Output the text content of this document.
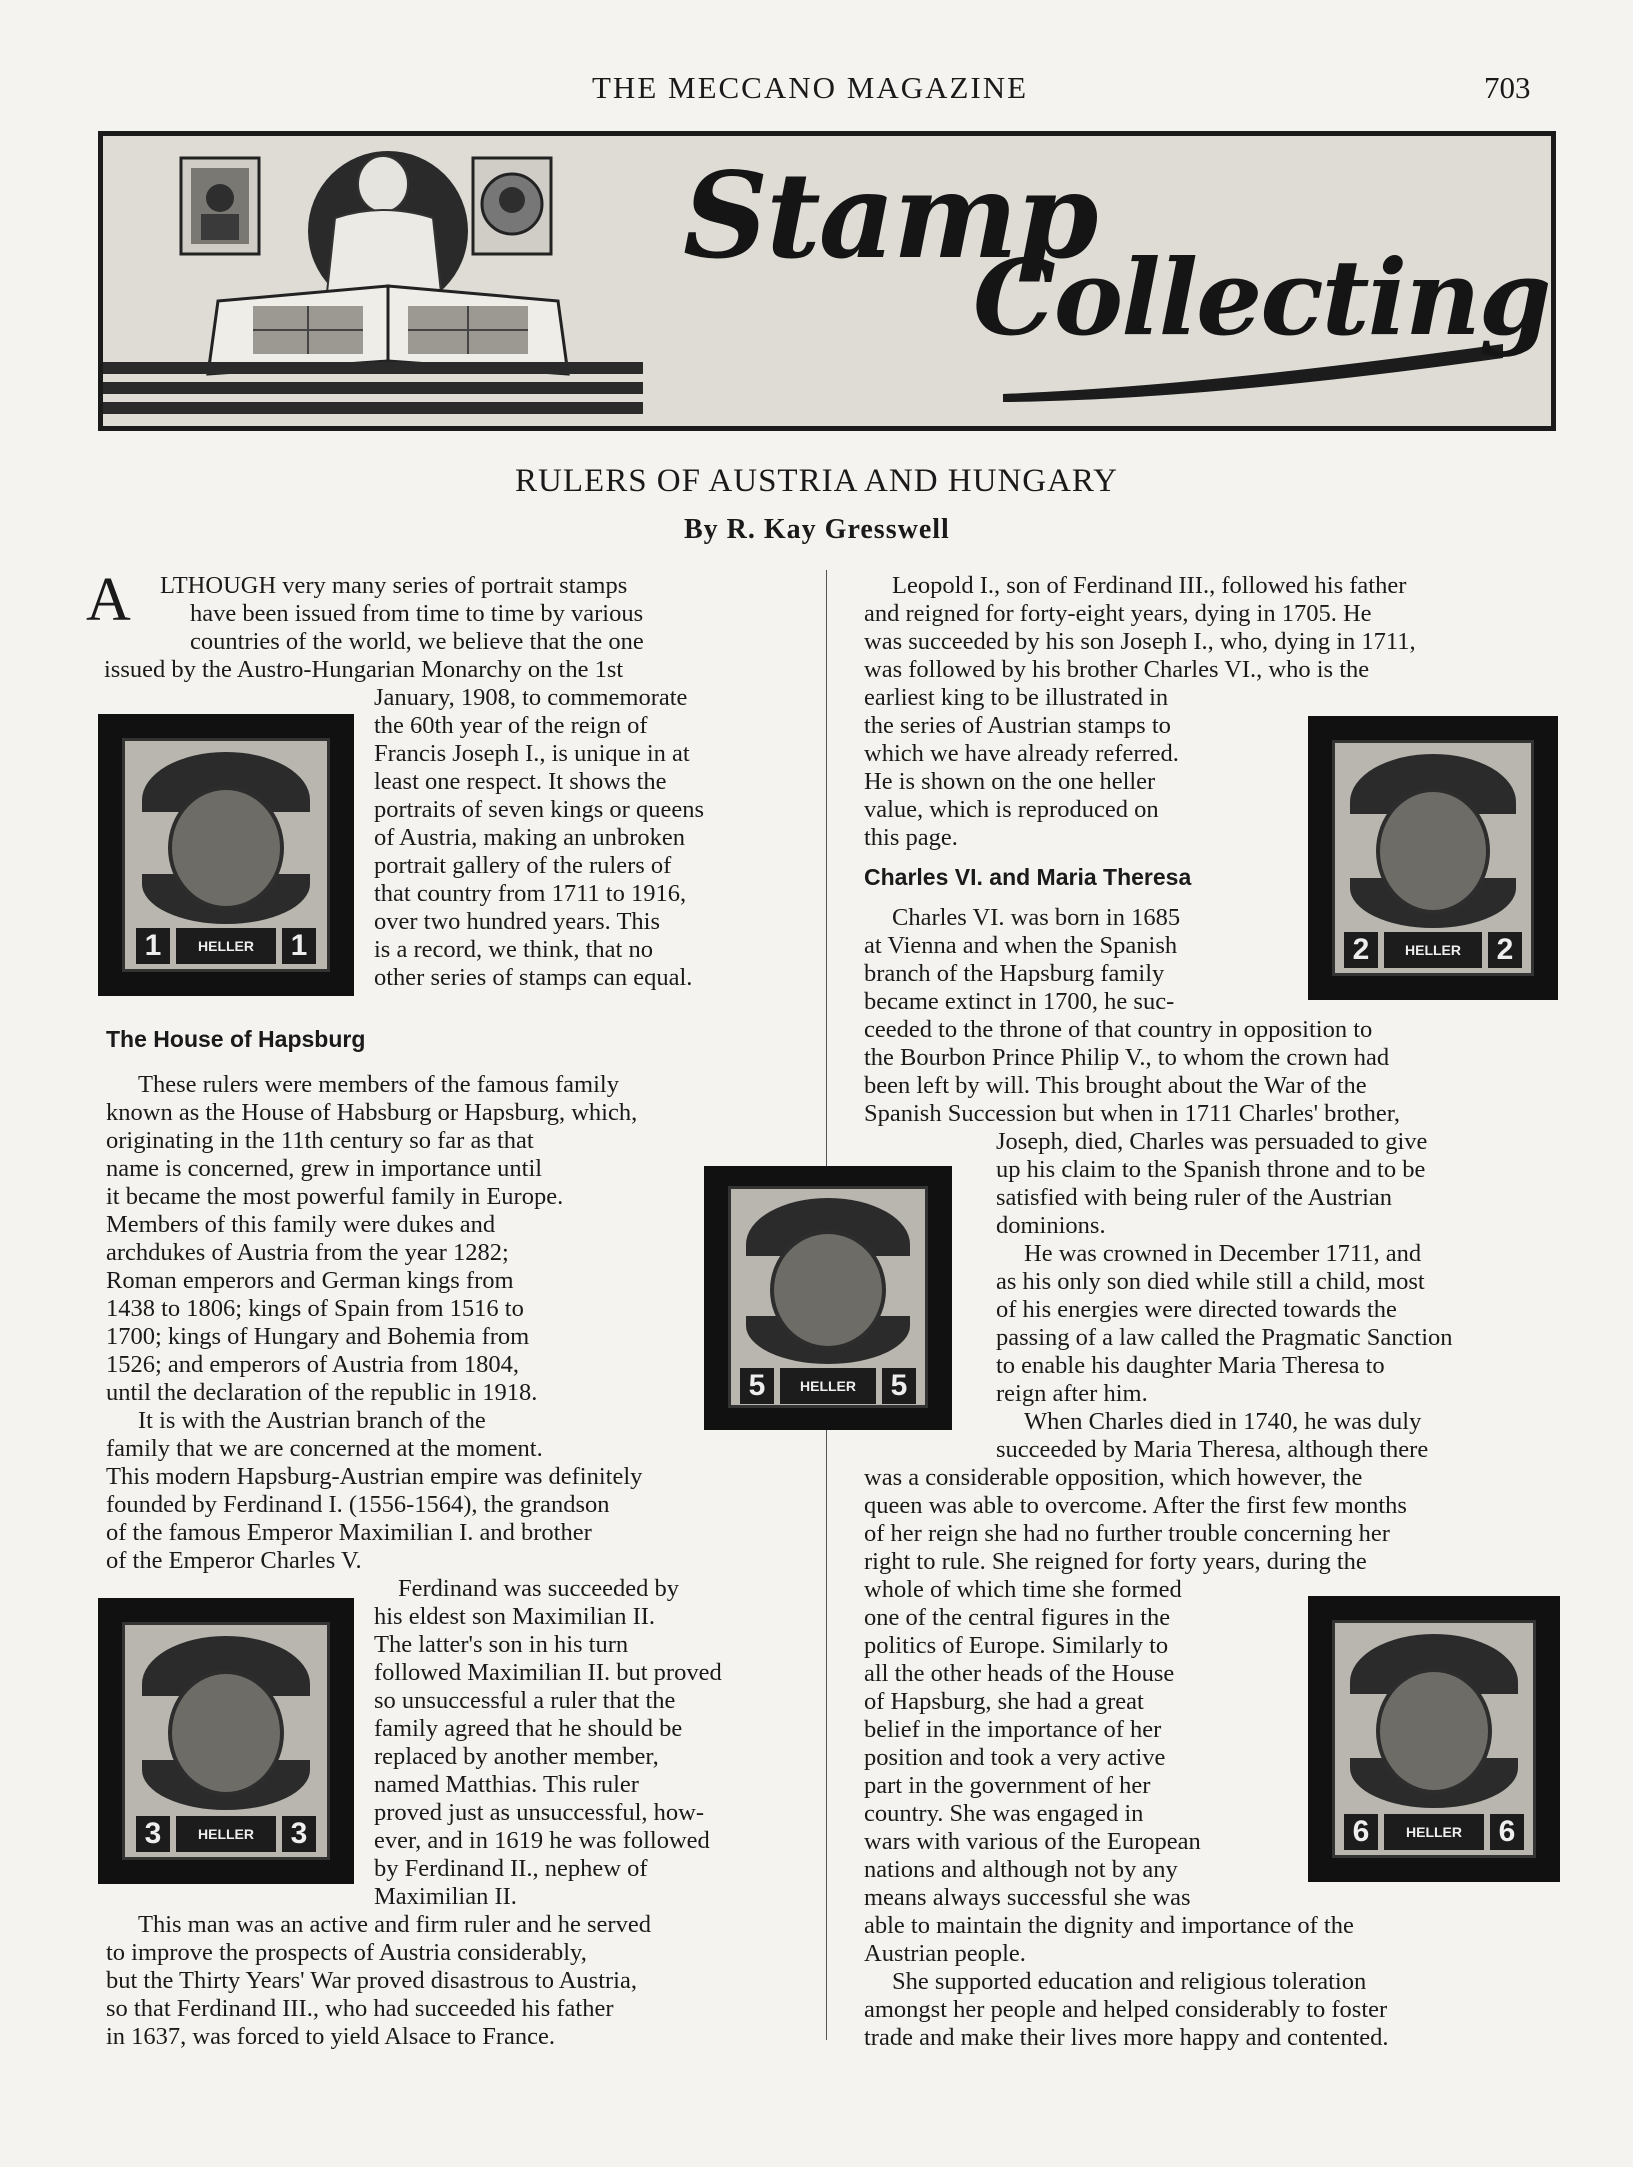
THE MECCANO MAGAZINE	703
Stamp
Collecting
RULERS OF AUSTRIA AND HUNGARY
By R. Kay Gresswell
A LTHOUGH very many series of portrait stamps
have been issued from time to time by various
countries of the world, we believe that the one
issued by the Austro-Hungarian Monarchy on the 1st
January, 1908, to commemorate
the 60th year of the reign of
Francis Joseph I., is unique in at
least one respect. It shows the
portraits of seven kings or queens
of Austria, making an unbroken
portrait gallery of the rulers of
that country from 1711 to 1916,
over two hundred years. This
is a record, we think, that no
other series of stamps can equal.
The House of Hapsburg
These rulers were members of the famous family
known as the House of Habsburg or Hapsburg, which,
originating in the 11th century so far as that
name is concerned, grew in importance until
it became the most powerful family in Europe.
Members of this family were dukes and
archdukes of Austria from the year 1282;
Roman emperors and German kings from
1438 to 1806; kings of Spain from 1516 to
1700; kings of Hungary and Bohemia from
1526; and emperors of Austria from 1804,
until the declaration of the republic in 1918.
It is with the Austrian branch of the
family that we are concerned at the moment.
This modern Hapsburg-Austrian empire was definitely
founded by Ferdinand I. (1556-1564), the grandson
of the famous Emperor Maximilian I. and brother
of the Emperor Charles V.
Ferdinand was succeeded by
his eldest son Maximilian II.
The latter's son in his turn
followed Maximilian II. but proved
so unsuccessful a ruler that the
family agreed that he should be
replaced by another member,
named Matthias. This ruler
proved just as unsuccessful, how-
ever, and in 1619 he was followed
by Ferdinand II., nephew of
Maximilian II.
This man was an active and firm ruler and he served
to improve the prospects of Austria considerably,
but the Thirty Years' War proved disastrous to Austria,
so that Ferdinand III., who had succeeded his father
in 1637, was forced to yield Alsace to France.
Leopold I., son of Ferdinand III., followed his father
and reigned for forty-eight years, dying in 1705. He
was succeeded by his son Joseph I., who, dying in 1711,
was followed by his brother Charles VI., who is the
earliest king to be illustrated in
the series of Austrian stamps to
which we have already referred.
He is shown on the one heller
value, which is reproduced on
this page.
Charles VI. and Maria Theresa
Charles VI. was born in 1685
at Vienna and when the Spanish
branch of the Hapsburg family
became extinct in 1700, he suc-
ceeded to the throne of that country in opposition to
the Bourbon Prince Philip V., to whom the crown had
been left by will. This brought about the War of the
Spanish Succession but when in 1711 Charles' brother,
Joseph, died, Charles was persuaded to give
up his claim to the Spanish throne and to be
satisfied with being ruler of the Austrian
dominions.
He was crowned in December 1711, and
as his only son died while still a child, most
of his energies were directed towards the
passing of a law called the Pragmatic Sanction
to enable his daughter Maria Theresa to
reign after him.
When Charles died in 1740, he was duly
succeeded by Maria Theresa, although there
was a considerable opposition, which however, the
queen was able to overcome. After the first few months
of her reign she had no further trouble concerning her
right to rule. She reigned for forty years, during the
whole of which time she formed
one of the central figures in the
politics of Europe. Similarly to
all the other heads of the House
of Hapsburg, she had a great
belief in the importance of her
position and took a very active
part in the government of her
country. She was engaged in
wars with various of the European
nations and although not by any
means always successful she was
able to maintain the dignity and importance of the
Austrian people.
She supported education and religious toleration
amongst her people and helped considerably to foster
trade and make their lives more happy and contented.
1	HELLER	1
5	HELLER	5
3	HELLER	3
2	HELLER	2
6	HELLER	6
